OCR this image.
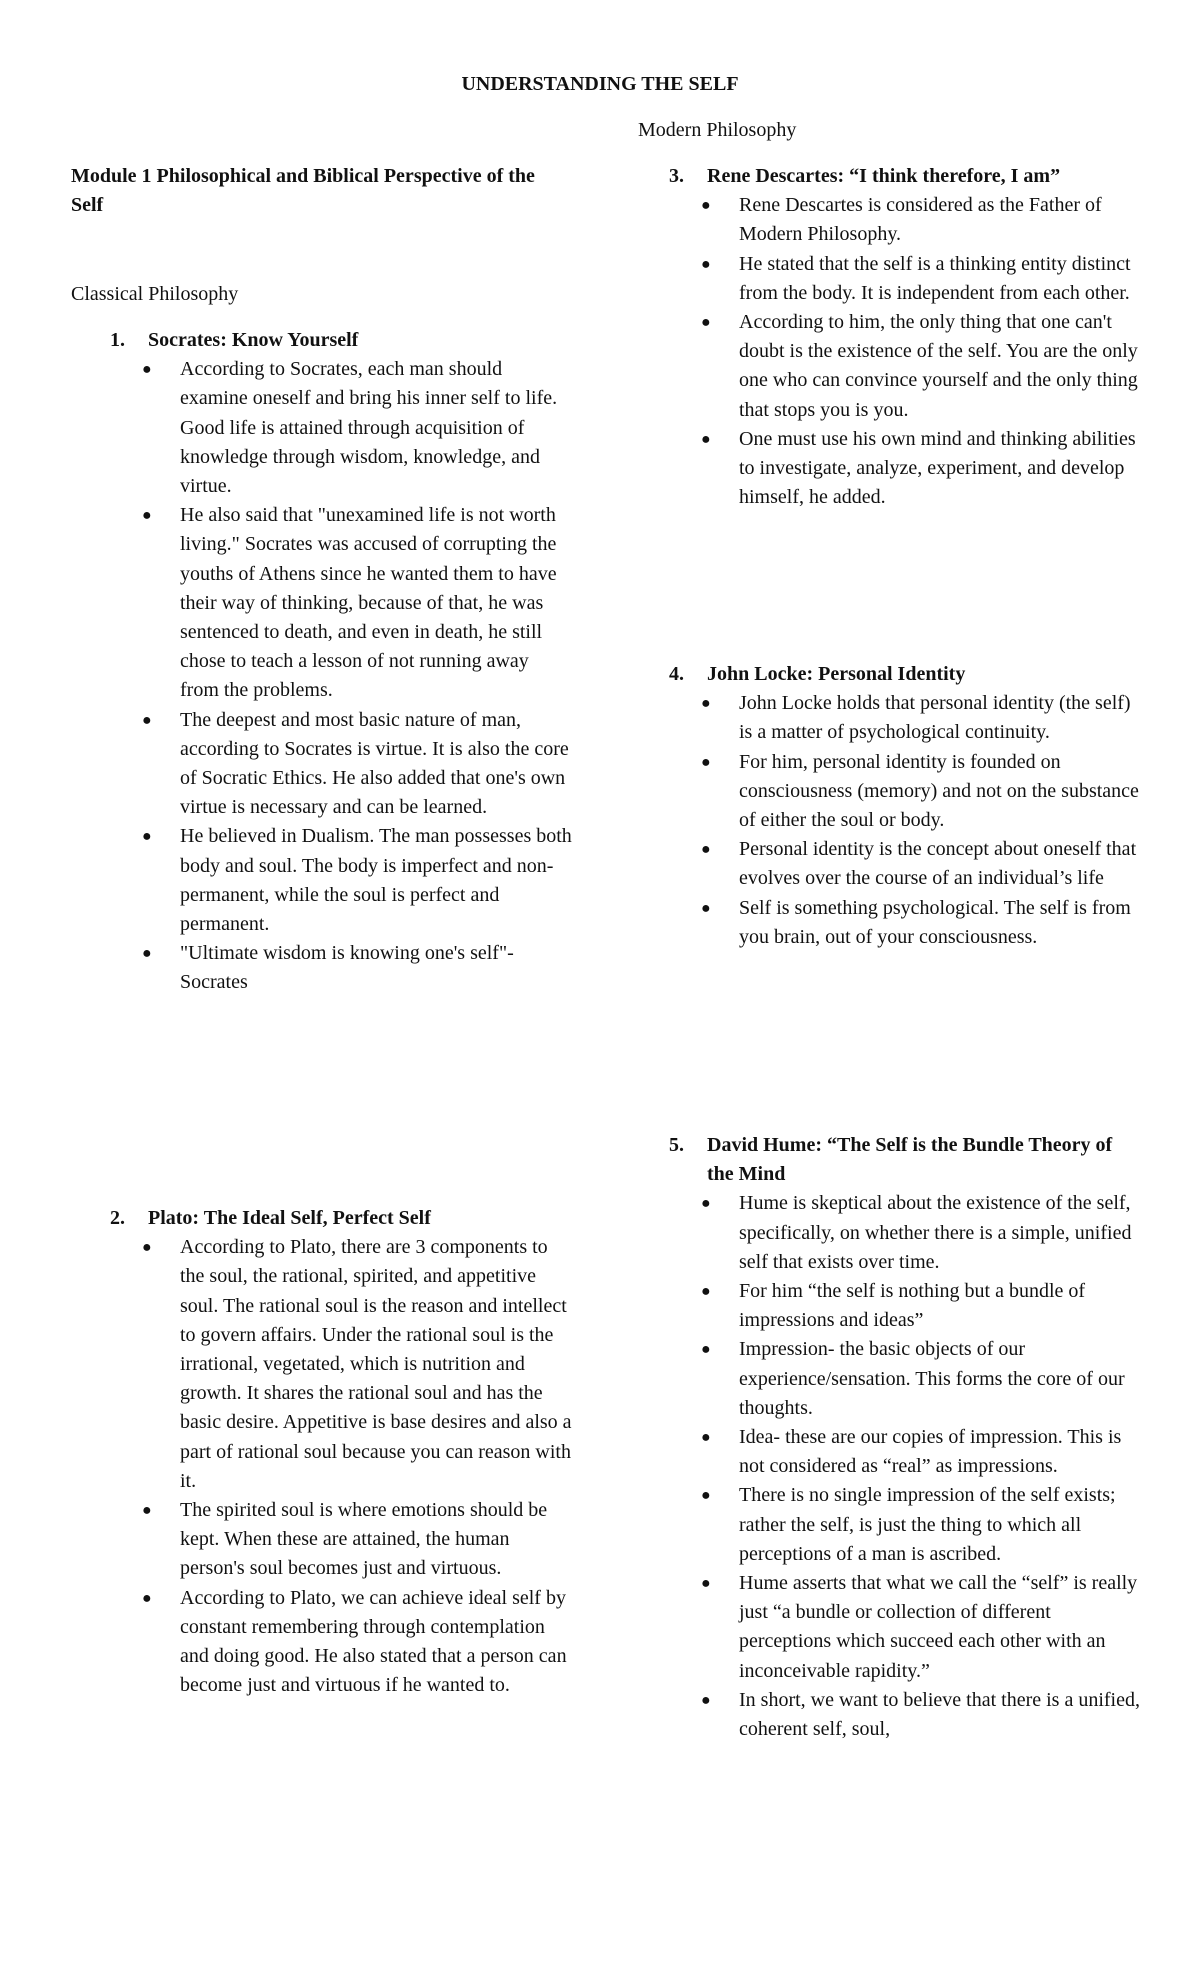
UNDERSTANDING THE SELF
Modern Philosophy
Module 1 Philosophical and Biblical Perspective of the Self
Classical Philosophy
1.	Socrates: Know Yourself
●	According to Socrates, each man should examine oneself and bring his inner self to life. Good life is attained through acquisition of knowledge through wisdom, knowledge, and virtue.
●	He also said that "unexamined life is not worth living." Socrates was accused of corrupting the youths of Athens since he wanted them to have their way of thinking, because of that, he was sentenced to death, and even in death, he still chose to teach a lesson of not running away from the problems.
●	The deepest and most basic nature of man, according to Socrates is virtue. It is also the core of Socratic Ethics. He also added that one's own virtue is necessary and can be learned.
●	He believed in Dualism. The man possesses both body and soul. The body is imperfect and non-permanent, while the soul is perfect and permanent.
●	"Ultimate wisdom is knowing one's self"-Socrates
2.	Plato: The Ideal Self, Perfect Self
●	According to Plato, there are 3 components to the soul, the rational, spirited, and appetitive soul. The rational soul is the reason and intellect to govern affairs. Under the rational soul is the irrational, vegetated, which is nutrition and growth. It shares the rational soul and has the basic desire. Appetitive is base desires and also a part of rational soul because you can reason with it.
●	The spirited soul is where emotions should be kept. When these are attained, the human person's soul becomes just and virtuous.
●	According to Plato, we can achieve ideal self by constant remembering through contemplation and doing good. He also stated that a person can become just and virtuous if he wanted to.
3.	Rene Descartes: “I think therefore, I am”
●	Rene Descartes is considered as the Father of Modern Philosophy.
●	He stated that the self is a thinking entity distinct from the body. It is independent from each other.
●	According to him, the only thing that one can't doubt is the existence of the self. You are the only one who can convince yourself and the only thing that stops you is you.
●	One must use his own mind and thinking abilities to investigate, analyze, experiment, and develop himself, he added.
4.	John Locke: Personal Identity
●	John Locke holds that personal identity (the self) is a matter of psychological continuity.
●	For him, personal identity is founded on consciousness (memory) and not on the substance of either the soul or body.
●	Personal identity is the concept about oneself that evolves over the course of an individual’s life
●	Self is something psychological. The self is from you brain, out of your consciousness.
5.	David Hume: “The Self is the Bundle Theory of the Mind
●	Hume is skeptical about the existence of the self, specifically, on whether there is a simple, unified self that exists over time.
●	For him “the self is nothing but a bundle of impressions and ideas”
●	Impression- the basic objects of our experience/sensation. This forms the core of our thoughts.
●	Idea- these are our copies of impression. This is not considered as “real” as impressions.
●	There is no single impression of the self exists; rather the self, is just the thing to which all perceptions of a man is ascribed.
●	Hume asserts that what we call the “self” is really just “a bundle or collection of different perceptions which succeed each other with an inconceivable rapidity.”
●	In short, we want to believe that there is a unified, coherent self, soul,
